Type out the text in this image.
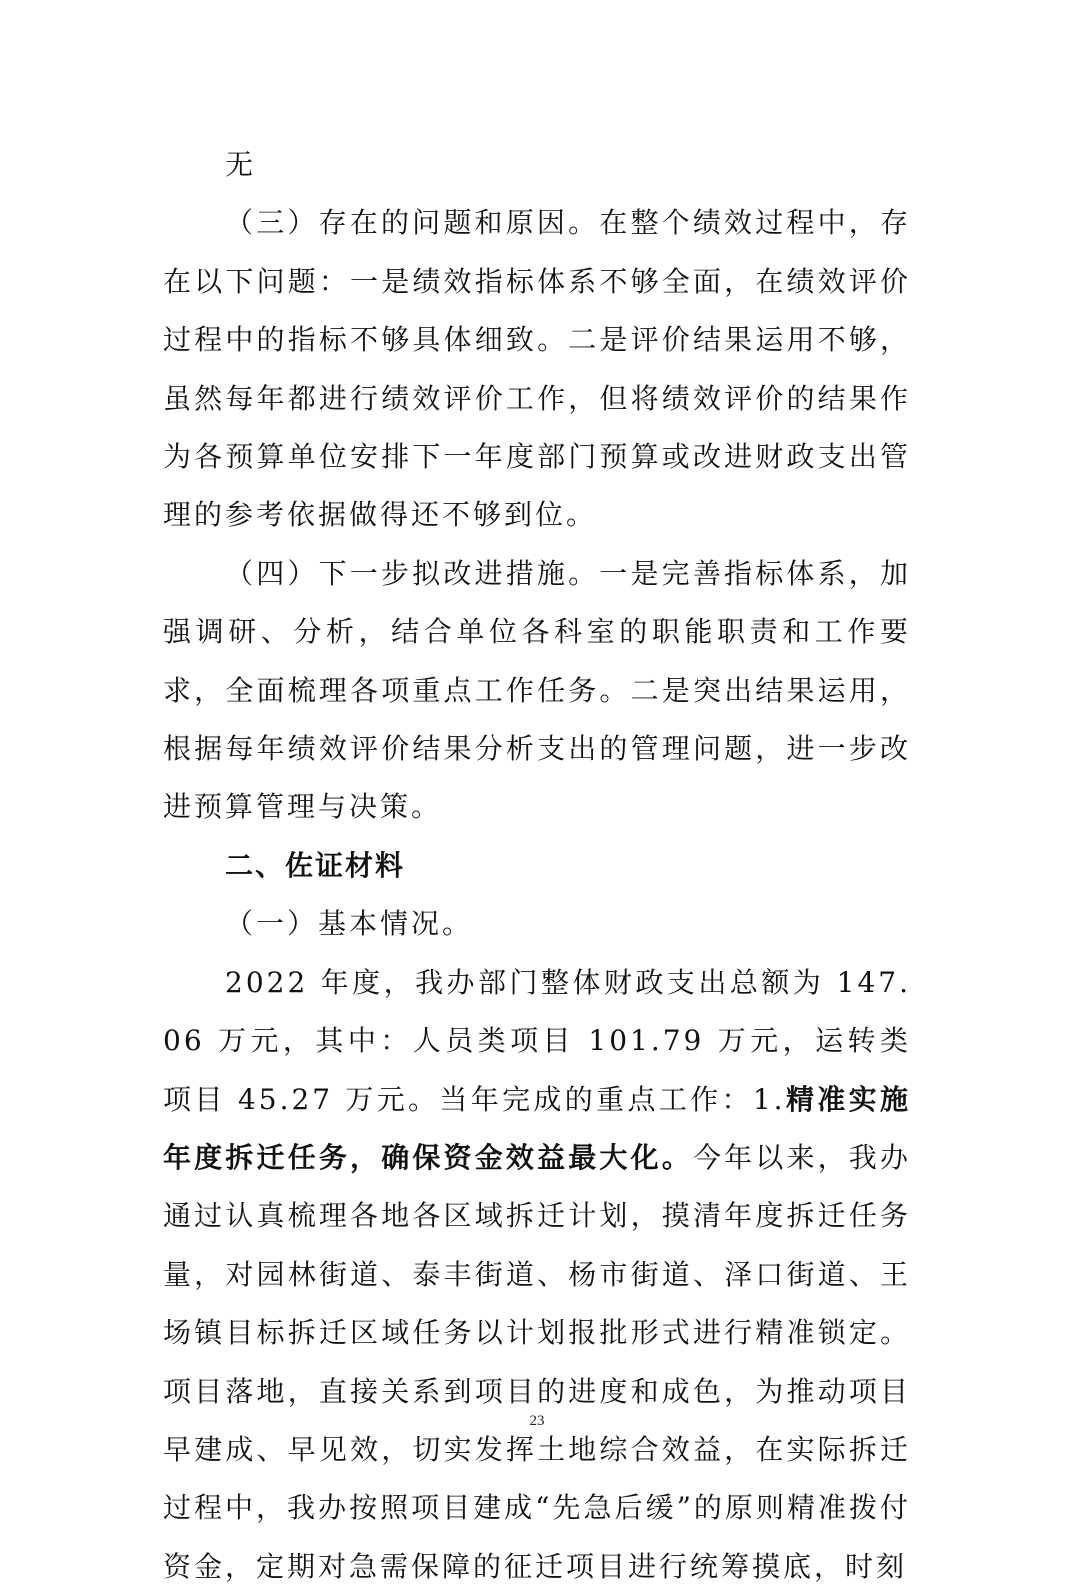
无

（三）存在的问题和原因。在整个绩效过程中，存在以下问题：一是绩效指标体系不够全面，在绩效评价过程中的指标不够具体细致。二是评价结果运用不够，虽然每年都进行绩效评价工作，但将绩效评价的结果作为各预算单位安排下一年度部门预算或改进财政支出管理的参考依据做得还不够到位。

（四）下一步拟改进措施。一是完善指标体系，加强调研、分析，结合单位各科室的职能职责和工作要求，全面梳理各项重点工作任务。二是突出结果运用，根据每年绩效评价结果分析支出的管理问题，进一步改进预算管理与决策。

二、佐证材料

（一）基本情况。

2022 年度，我办部门整体财政支出总额为 147.06 万元，其中：人员类项目 101.79 万元，运转类项目 45.27 万元。当年完成的重点工作：1.精准实施年度拆迁任务，确保资金效益最大化。今年以来，我办通过认真梳理各地各区域拆迁计划，摸清年度拆迁任务量，对园林街道、泰丰街道、杨市街道、泽口街道、王场镇目标拆迁区域任务以计划报批形式进行精准锁定。项目落地，直接关系到项目的进度和成色，为推动项目早建成、早见效，切实发挥土地综合效益，在实际拆迁过程中，我办按照项目建成“先急后缓”的原则精准拨付资金，定期对急需保障的征迁项目进行统筹摸底，时刻

23
